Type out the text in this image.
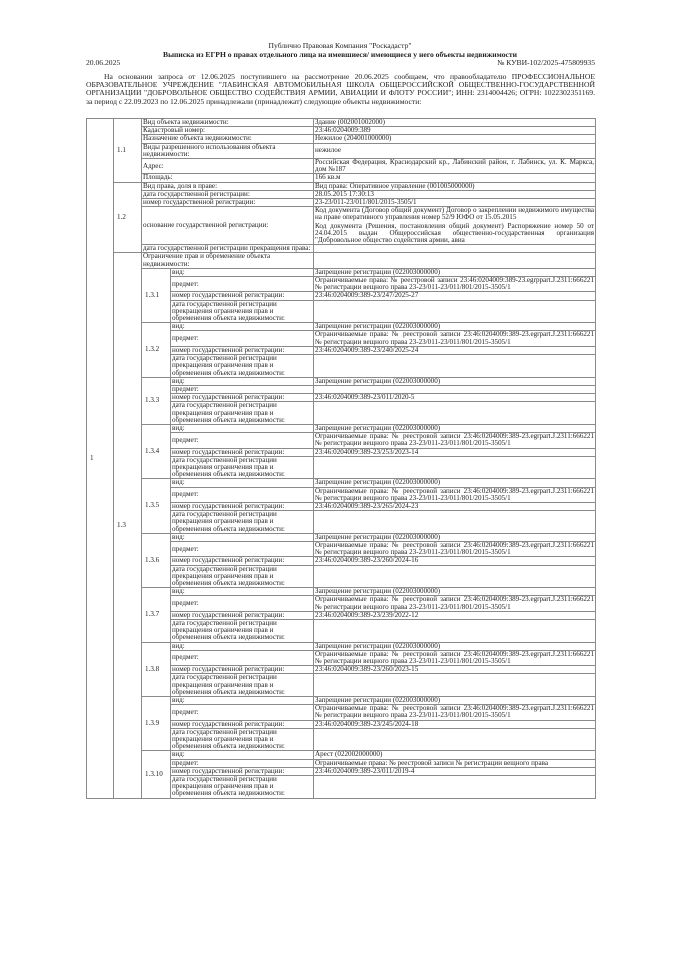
Публично Правовая Компания "Роскадастр"
Выписка из ЕГРН о правах отдельного лица на имевшиеся/ имеющиеся у него объекты недвижимости
20.06.2025	№ КУВИ-102/2025-475809935
На основании запроса от 12.06.2025 поступившего на рассмотрение 20.06.2025 сообщаем, что правообладателю ПРОФЕССИОНАЛЬНОЕ ОБРАЗОВАТЕЛЬНОЕ УЧРЕЖДЕНИЕ "ЛАБИНСКАЯ АВТОМОБИЛЬНАЯ ШКОЛА ОБЩЕРОССИЙСКОЙ ОБЩЕСТВЕННО-ГОСУДАРСТВЕННОЙ ОРГАНИЗАЦИИ "ДОБРОВОЛЬНОЕ ОБЩЕСТВО СОДЕЙСТВИЯ АРМИИ, АВИАЦИИ И ФЛОТУ РОССИИ"; ИНН: 2314004426; ОГРН: 1022302351169. за период с 22.09.2023 по 12.06.2025 принадлежали (принадлежат) следующие объекты недвижимости:
1	1.1	Вид объекта недвижимости:		Здание (002001002000)
		Кадастровый номер:		23:46:0204009:389
		Назначение объекта недвижимости:		Нежилое (204001000000)
		Виды разрешенного использования объекта недвижимости:		нежилое
		Адрес:		Российская Федерация, Краснодарский кр., Лабинский район, г. Лабинск, ул. К. Маркса, дом №187
		Площадь:		166 кв.м
	1.2	Вид права, доля в праве:		Вид права: Оперативное управление (001005000000)
		дата государственной регистрации:		28.05.2015 17:30:13
		номер государственной регистрации:		23-23/011-23/011/801/2015-3505/1
		основание государственной регистрации:		Код документа (Договор общий документ) Договор о закреплении недвижимого имущества на праве оперативного управления номер 52/9 ЮФО от 15.05.2015
Код документа (Решения, постановления общий документ) Распоряжение номер 50 от 24.04.2015 выдан Общероссийская общественно-государственная организация "Добровольное общество содействия армии, авиа

		дата государственной регистрации прекращения права:		
	1.3	Ограничение прав и обременение объекта недвижимости:		
		1.3.1	вид:	Запрещение регистрации (022003000000)
			предмет:	Ограничиваемые права: № реестровой записи 23:46:0204009:389-23.egrppart.J.2311:666221 № регистрации вещного права 23-23/011-23/011/801/2015-3505/1
			номер государственной регистрации:	23:46:0204009:389-23/247/2025-27
			дата государственной регистрации прекращения ограничения прав и обременения объекта недвижимости:	
		1.3.2	вид:	Запрещение регистрации (022003000000)
			предмет:	Ограничиваемые права: № реестровой записи 23:46:0204009:389-23.egrpart.J.2311:666221 № регистрации вещного права 23-23/011-23/011/801/2015-3505/1
			номер государственной регистрации:	23:46:0204009:389-23/240/2025-24
			дата государственной регистрации прекращения ограничения прав и обременения объекта недвижимости:	
		1.3.3	вид:	Запрещение регистрации (022003000000)
			предмет:	
			номер государственной регистрации:	23:46:0204009:389-23/011/2020-5
			дата государственной регистрации прекращения ограничения прав и обременения объекта недвижимости:	
		1.3.4	вид:	Запрещение регистрации (022003000000)
			предмет:	Ограничиваемые права: № реестровой записи 23:46:0204009:389-23.egrpart.J.2311:666221 № регистрации вещного права 23-23/011-23/011/801/2015-3505/1
			номер государственной регистрации:	23:46:0204009:389-23/253/2023-14
			дата государственной регистрации прекращения ограничения прав и обременения объекта недвижимости:	
		1.3.5	вид:	Запрещение регистрации (022003000000)
			предмет:	Ограничиваемые права: № реестровой записи 23:46:0204009:389-23.egrpart.J.2311:666221 № регистрации вещного права 23-23/011-23/011/801/2015-3505/1
			номер государственной регистрации:	23:46:0204009:389-23/265/2024-23
			дата государственной регистрации прекращения ограничения прав и обременения объекта недвижимости:	
		1.3.6	вид:	Запрещение регистрации (022003000000)
			предмет:	Ограничиваемые права: № реестровой записи 23:46:0204009:389-23.egrpart.J.2311:666221 № регистрации вещного права 23-23/011-23/011/801/2015-3505/1
			номер государственной регистрации:	23:46:0204009:389-23/260/2024-16
			дата государственной регистрации прекращения ограничения прав и обременения объекта недвижимости:	
		1.3.7	вид:	Запрещение регистрации (022003000000)
			предмет:	Ограничиваемые права: № реестровой записи 23:46:0204009:389-23.egrpart.J.2311:666221 № регистрации вещного права 23-23/011-23/011/801/2015-3505/1
			номер государственной регистрации:	23:46:0204009:389-23/239/2022-12
			дата государственной регистрации прекращения ограничения прав и обременения объекта недвижимости:	
		1.3.8	вид:	Запрещение регистрации (022003000000)
			предмет:	Ограничиваемые права: № реестровой записи 23:46:0204009:389-23.egrpart.J.2311:666221 № регистрации вещного права 23-23/011-23/011/801/2015-3505/1
			номер государственной регистрации:	23:46:0204009:389-23/260/2023-15
			дата государственной регистрации прекращения ограничения прав и обременения объекта недвижимости:	
		1.3.9	вид:	Запрещение регистрации (022003000000)
			предмет:	Ограничиваемые права: № реестровой записи 23:46:0204009:389-23.egrpart.J.2311:666221 № регистрации вещного права 23-23/011-23/011/801/2015-3505/1
			номер государственной регистрации:	23:46:0204009:389-23/245/2024-18
			дата государственной регистрации прекращения ограничения прав и обременения объекта недвижимости:	
		1.3.10	вид:	Арест (022002000000)
			предмет:	Ограничиваемые права: № реестровой записи № регистрации вещного права
			номер государственной регистрации:	23:46:0204009:389-23/011/2019-4
			дата государственной регистрации прекращения ограничения прав и обременения объекта недвижимости:	
